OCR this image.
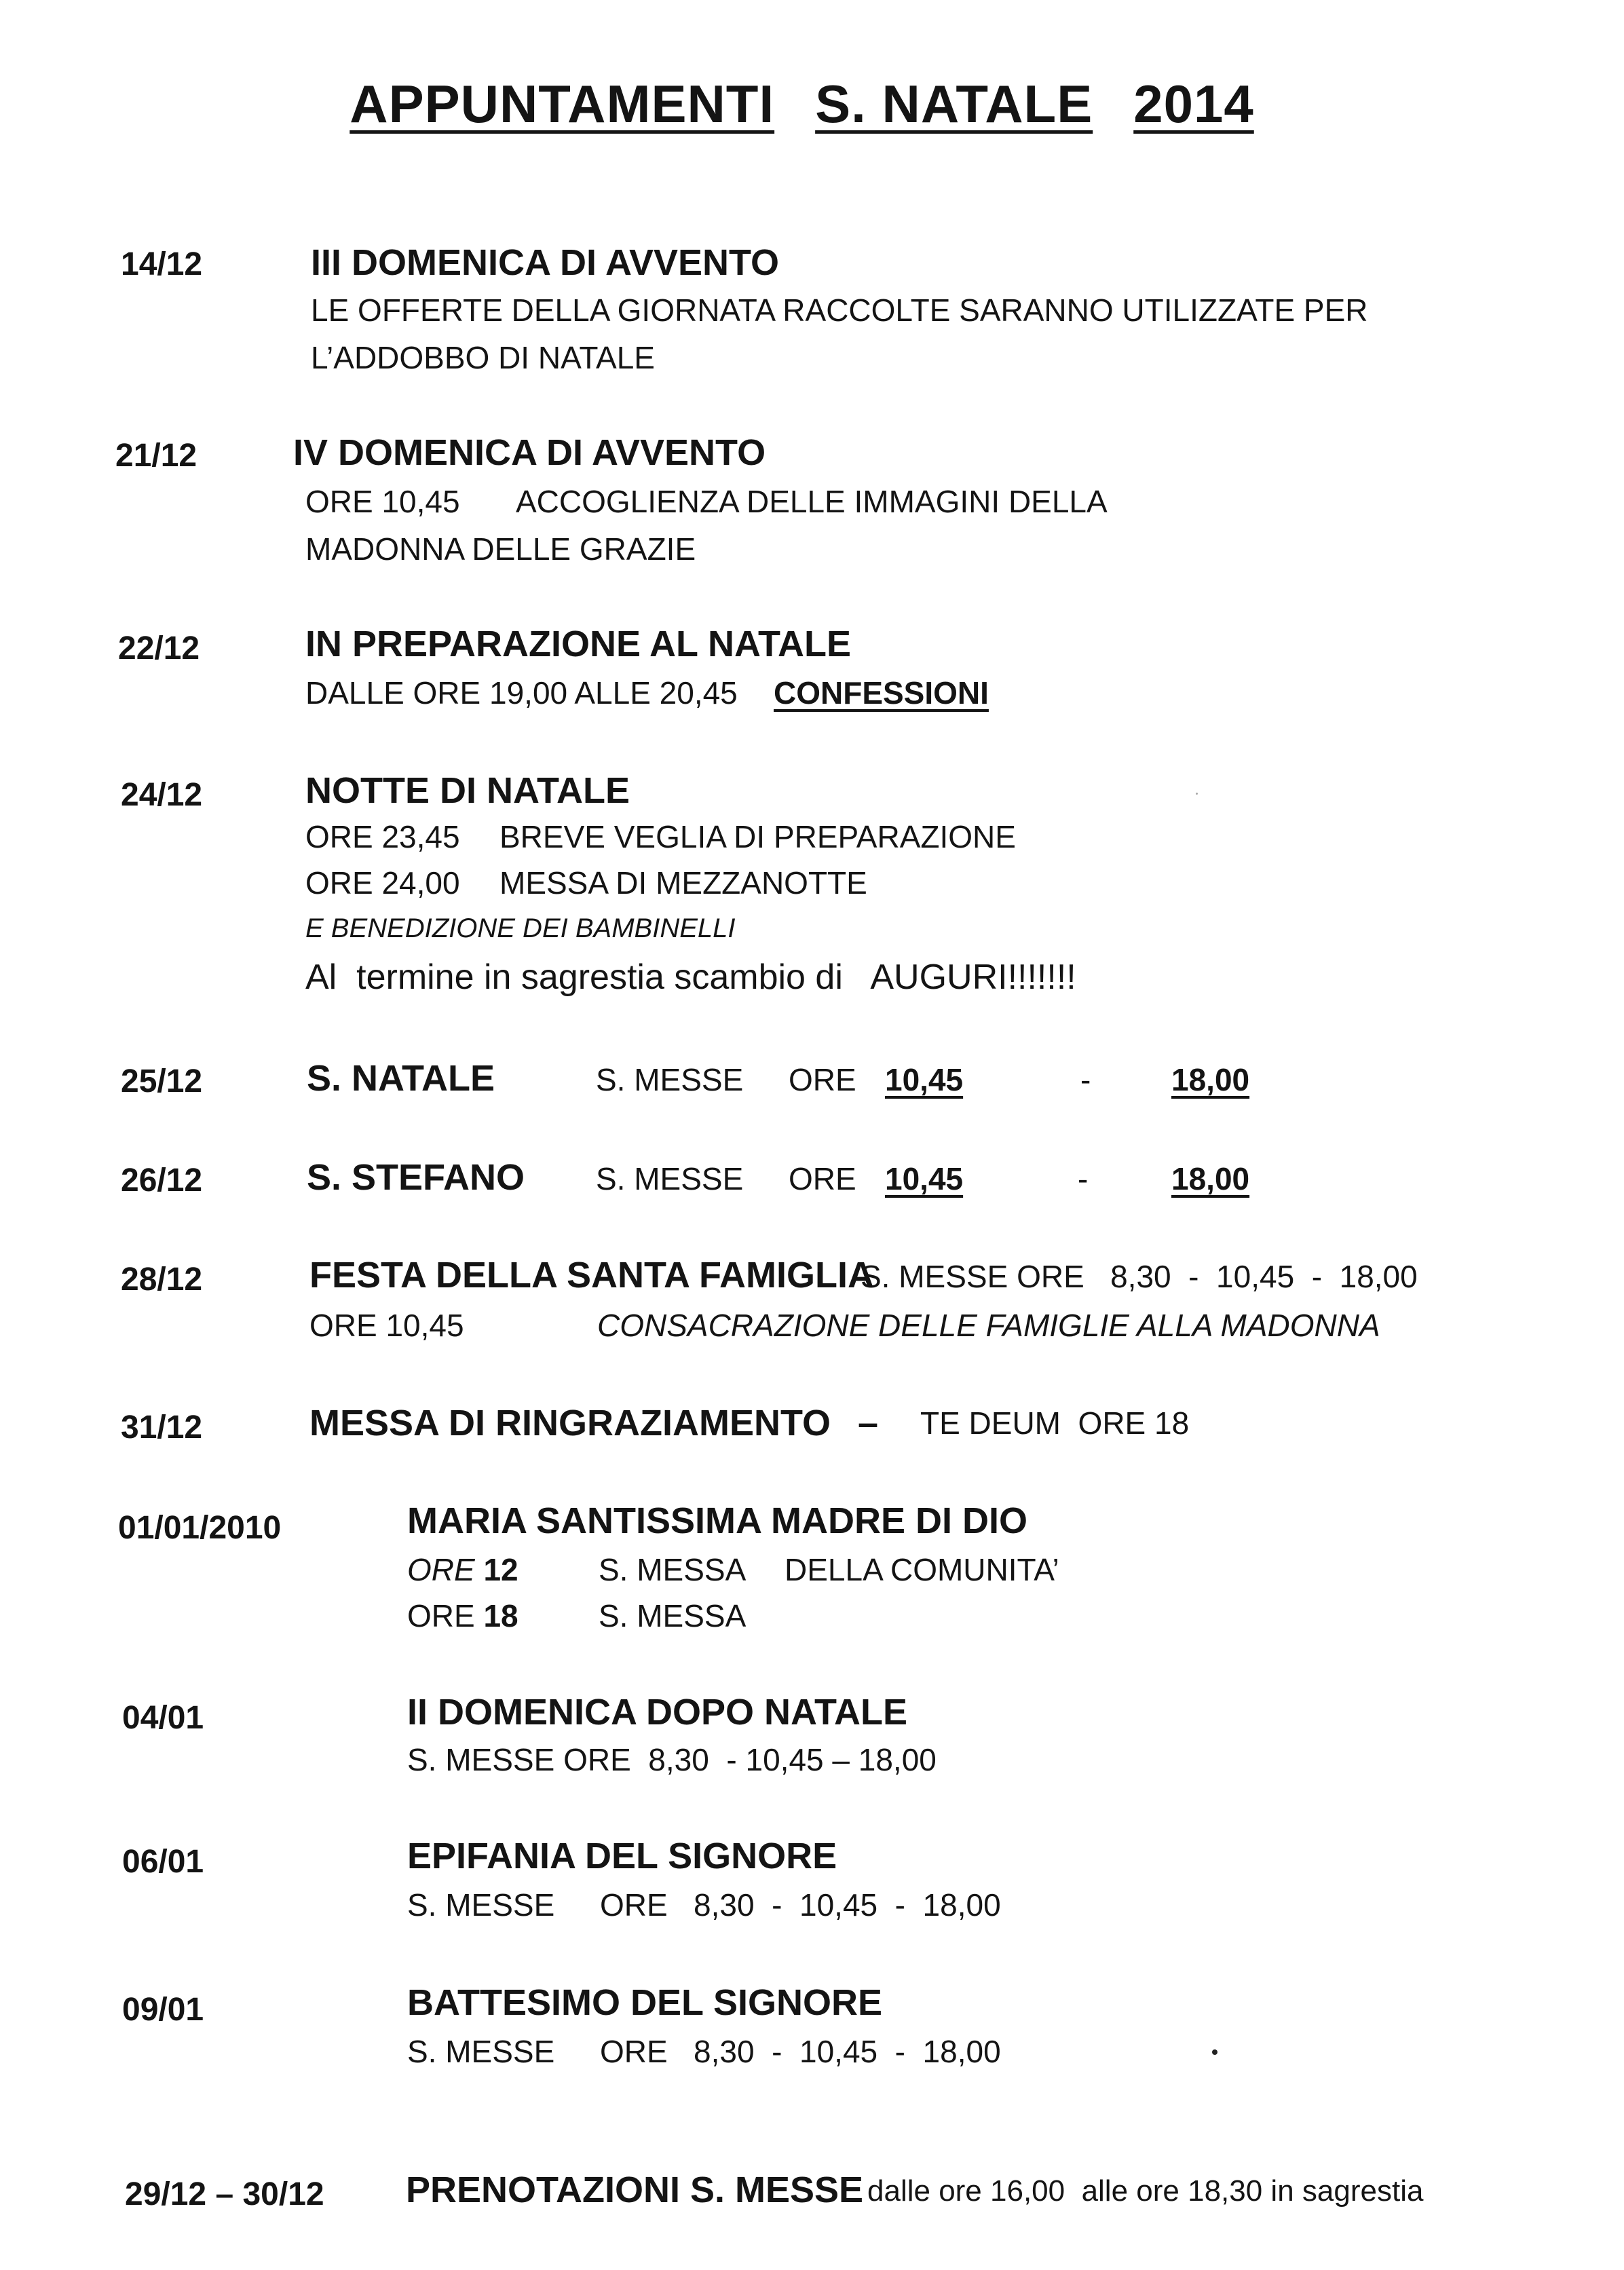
APPUNTAMENTI S. NATALE 2014
14/12	III DOMENICA DI AVVENTO
LE OFFERTE DELLA GIORNATA RACCOLTE SARANNO UTILIZZATE PER
L’ADDOBBO DI NATALE
21/12	IV DOMENICA DI AVVENTO
ORE 10,45 ACCOGLIENZA DELLE IMMAGINI DELLA
MADONNA DELLE GRAZIE
22/12	IN PREPARAZIONE AL NATALE
DALLE ORE 19,00 ALLE 20,45 CONFESSIONI
24/12	NOTTE DI NATALE
ORE 23,45 BREVE VEGLIA DI PREPARAZIONE
ORE 24,00 MESSA DI MEZZANOTTE
E BENEDIZIONE DEI BAMBINELLI
Al  termine in sagrestia scambio di   AUGURI!!!!!!!
25/12	S. NATALE	S. MESSE ORE 10,45	-	18,00
26/12	S. STEFANO S. MESSE ORE 10,45	-	18,00
28/12	FESTA DELLA SANTA FAMIGLIA
S. MESSE ORE   8,30  -  10,45  -  18,00
ORE 10,45	CONSACRAZIONE DELLE FAMIGLIE ALLA MADONNA
31/12	MESSA DI RINGRAZIAMENTO – TE DEUM  ORE 18
01/01/2010	MARIA SANTISSIMA MADRE DI DIO
ORE 12	S. MESSA DELLA COMUNITA’
ORE 18	S. MESSA
04/01	II DOMENICA DOPO NATALE
S. MESSE ORE  8,30  - 10,45 – 18,00
06/01	EPIFANIA DEL SIGNORE
S. MESSE ORE   8,30  -  10,45  -  18,00
09/01	BATTESIMO DEL SIGNORE
S. MESSE ORE   8,30  -  10,45  -  18,00
29/12 – 30/12 PRENOTAZIONI S. MESSE dalle ore 16,00  alle ore 18,30 in sagrestia
